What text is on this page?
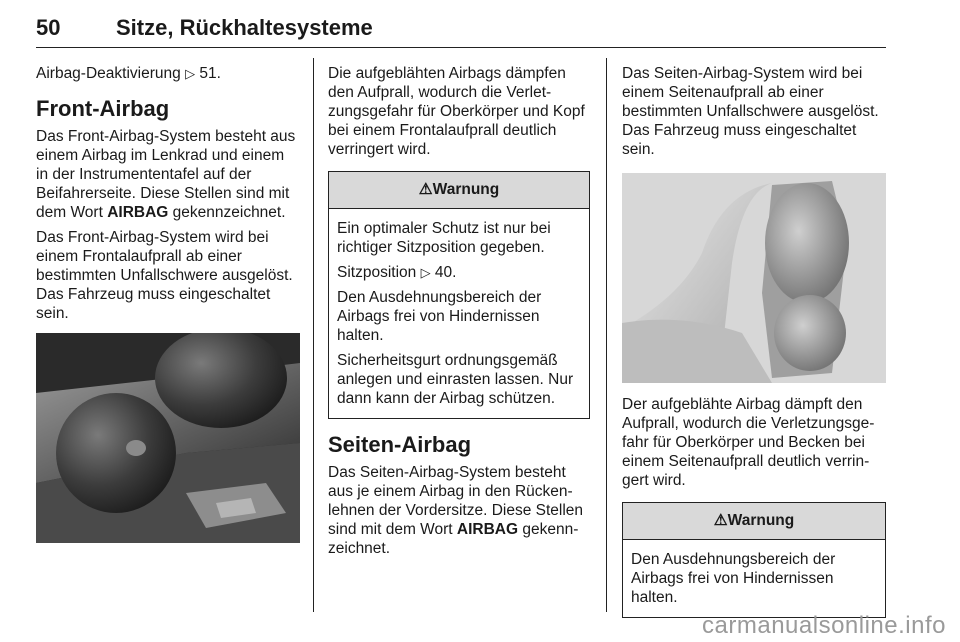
50	Sitze, Rückhaltesysteme

Airbag-Deaktivierung ▷ 51.

Front-Airbag

Das Front-Airbag-System besteht aus einem Airbag im Lenkrad und einem in der Instrumententafel auf der Beifahrerseite. Diese Stellen sind mit dem Wort AIRBAG gekennzeichnet.

Das Front-Airbag-System wird bei einem Frontalaufprall ab einer bestimmten Unfallschwere ausgelöst. Das Fahrzeug muss eingeschaltet sein.

Die aufgeblähten Airbags dämpfen den Aufprall, wodurch die Verletzungsgefahr für Oberkörper und Kopf bei einem Frontalaufprall deutlich verringert wird.

⚠Warnung

Ein optimaler Schutz ist nur bei richtiger Sitzposition gegeben.

Sitzposition ▷ 40.

Den Ausdehnungsbereich der Airbags frei von Hindernissen halten.

Sicherheitsgurt ordnungsgemäß anlegen und einrasten lassen. Nur dann kann der Airbag schützen.

Seiten-Airbag

Das Seiten-Airbag-System besteht aus je einem Airbag in den Rückenlehnen der Vordersitze. Diese Stellen sind mit dem Wort AIRBAG gekennzeichnet.

Das Seiten-Airbag-System wird bei einem Seitenaufprall ab einer bestimmten Unfallschwere ausgelöst. Das Fahrzeug muss eingeschaltet sein.

Der aufgeblähte Airbag dämpft den Aufprall, wodurch die Verletzungsgefahr für Oberkörper und Becken bei einem Seitenaufprall deutlich verringert wird.

⚠Warnung

Den Ausdehnungsbereich der Airbags frei von Hindernissen halten.

carmanualsonline.info
